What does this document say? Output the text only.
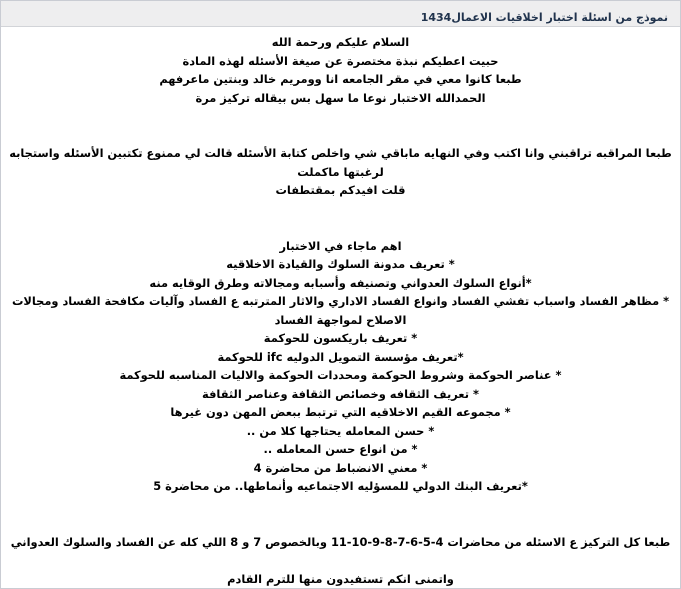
نموذج من اسئلة اختبار اخلاقيات الاعمال1434
السلام عليكم ورحمة الله
حبيت اعطيكم نبذة مختصرة عن صيغة الأسئله لهذه المادة
طبعا كانوا معي في مقر الجامعه انا وومريم خالد وبنتين ماعرفهم
الحمدالله الاختبار نوعا ما سهل بس بيقاله تركيز مرة
طبعا المراقبه تراقبني وانا اكتب وفي النهايه ماباقي شي واخلص كتابة الأسئله قالت لي ممنوع تكتبين الأسئله واستجابه لرغبتها ماكملت
قلت افيدكم بمقتطفات
اهم ماجاء في الاختبار
* تعريف مدونة السلوك والقيادة الاخلاقيه
*أنواع السلوك العدواني وتصنيفه وأسبابه ومجالاته وطرق الوقايه منه
* مظاهر الفساد واسباب تفشي الفساد وانواع الفساد الاداري والاثار المترتبه ع الفساد وآليات مكافحة الفساد ومجالات الاصلاح لمواجهة الفساد
* تعريف باريكسون للحوكمة
*تعريف مؤسسة التمويل الدوليه ifc للحوكمة
* عناصر الحوكمة وشروط الحوكمة ومحددات الحوكمة والاليات المناسبه للحوكمة
* تعريف الثقافه وخصائص الثقافة وعناصر الثقافة
* مجموعه القيم الاخلاقيه التي ترتبط ببعض المهن دون غيرها
* حسن المعامله يحتاجها كلا من ..
* من انواع حسن المعامله ..
* معني الانضباط من محاضرة 4
*تعريف البنك الدولي للمسؤليه الاجتماعيه وأنماطها.. من محاضرة 5
طبعا كل التركيز ع الاسئله من محاضرات 4-5-6-7-8-9-10-11 وبالخصوص 7 و 8 اللي كله عن الفساد والسلوك العدواني
واتمنى انكم تستفيدون منها للترم القادم
